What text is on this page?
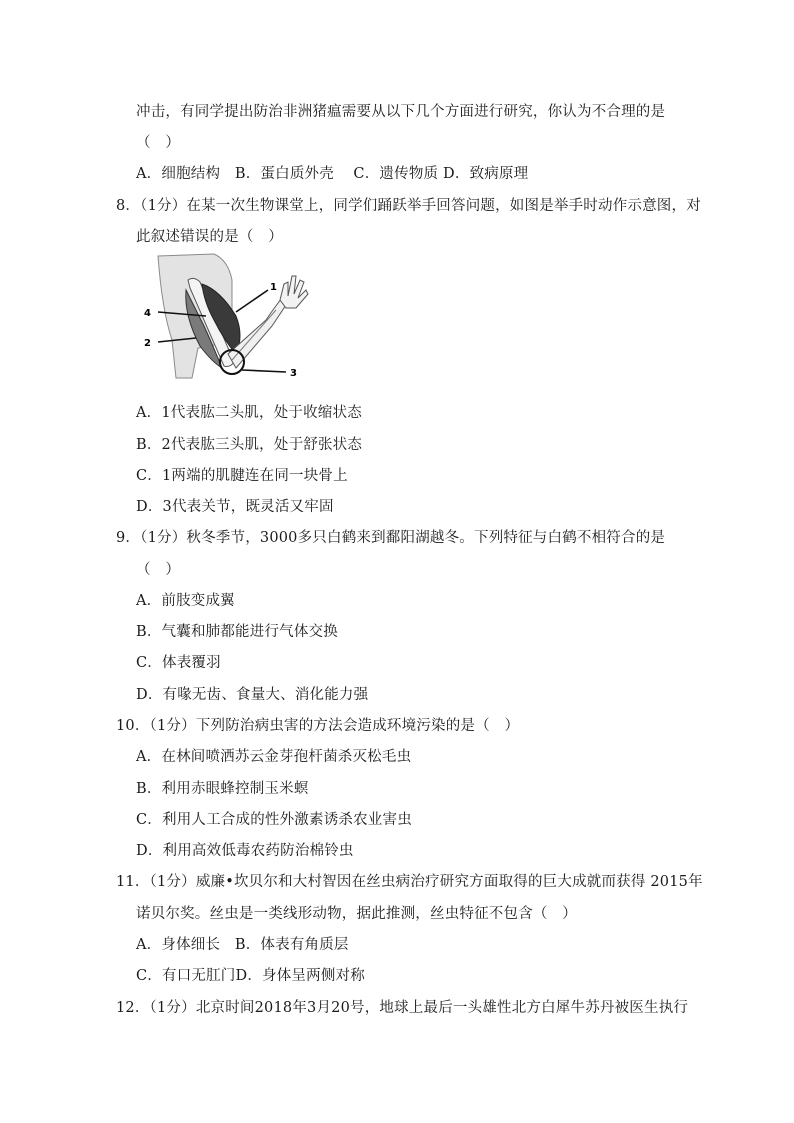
冲击，有同学提出防治非洲猪瘟需要从以下几个方面进行研究，你认为不合理的是
（　）
A．细胞结构　B．蛋白质外壳　 C．遗传物质 D．致病原理
8．（1分）在某一次生物课堂上，同学们踊跃举手回答问题，如图是举手时动作示意图，对
此叙述错误的是（　）
1
2
3
4
A．1代表肱二头肌，处于收缩状态
B．2代表肱三头肌，处于舒张状态
C．1两端的肌腱连在同一块骨上
D．3代表关节，既灵活又牢固
9．（1分）秋冬季节，3000多只白鹤来到鄱阳湖越冬。下列特征与白鹤不相符合的是
（　）
A．前肢变成翼
B．气囊和肺都能进行气体交换
C．体表覆羽
D．有喙无齿、食量大、消化能力强
10．（1分）下列防治病虫害的方法会造成环境污染的是（　）
A．在林间喷洒苏云金芽孢杆菌杀灭松毛虫
B．利用赤眼蜂控制玉米螟
C．利用人工合成的性外激素诱杀农业害虫
D．利用高效低毒农药防治棉铃虫
11．（1分）威廉•坎贝尔和大村智因在丝虫病治疗研究方面取得的巨大成就而获得 2015年
诺贝尔奖。丝虫是一类线形动物，据此推测，丝虫特征不包含（　）
A．身体细长　B．体表有角质层
C．有口无肛门D．身体呈两侧对称
12．（1分）北京时间2018年3月20号，地球上最后一头雄性北方白犀牛苏丹被医生执行
